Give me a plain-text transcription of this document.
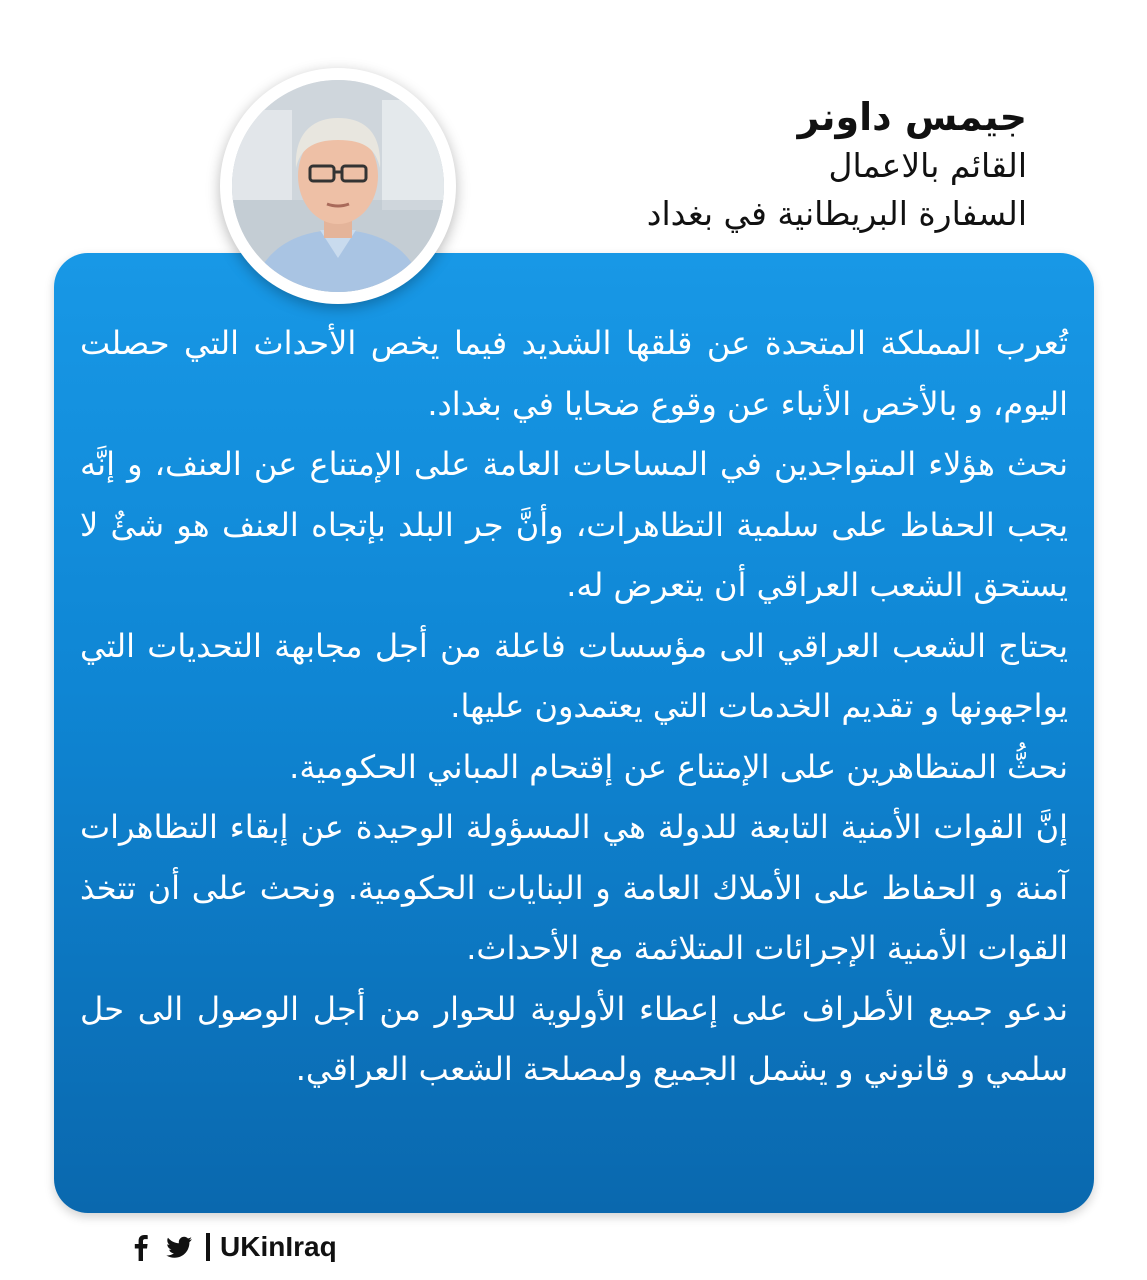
جيمس داونر

القائم بالاعمال

السفارة البريطانية في بغداد

تُعرب المملكة المتحدة عن قلقها الشديد فيما يخص الأحداث التي حصلت اليوم، و بالأخص الأنباء عن وقوع ضحايا في بغداد.

نحث هؤلاء المتواجدين في المساحات العامة على الإمتناع عن العنف، و إنَّه يجب الحفاظ على سلمية التظاهرات، وأنَّ جر البلد بإتجاه العنف هو شئٌ لا يستحق الشعب العراقي أن يتعرض له.

يحتاج الشعب العراقي الى مؤسسات فاعلة من أجل مجابهة التحديات التي يواجهونها و تقديم الخدمات التي يعتمدون عليها.

نحثُّ المتظاهرين على الإمتناع عن إقتحام المباني الحكومية.

إنَّ القوات الأمنية التابعة للدولة هي المسؤولة الوحيدة عن إبقاء التظاهرات آمنة و الحفاظ على الأملاك العامة و البنايات الحكومية. ونحث على أن تتخذ القوات الأمنية الإجرائات المتلائمة مع الأحداث.

ندعو جميع الأطراف على إعطاء الأولوية للحوار من أجل الوصول الى حل سلمي و قانوني و يشمل الجميع ولمصلحة الشعب العراقي.

UKinIraq
